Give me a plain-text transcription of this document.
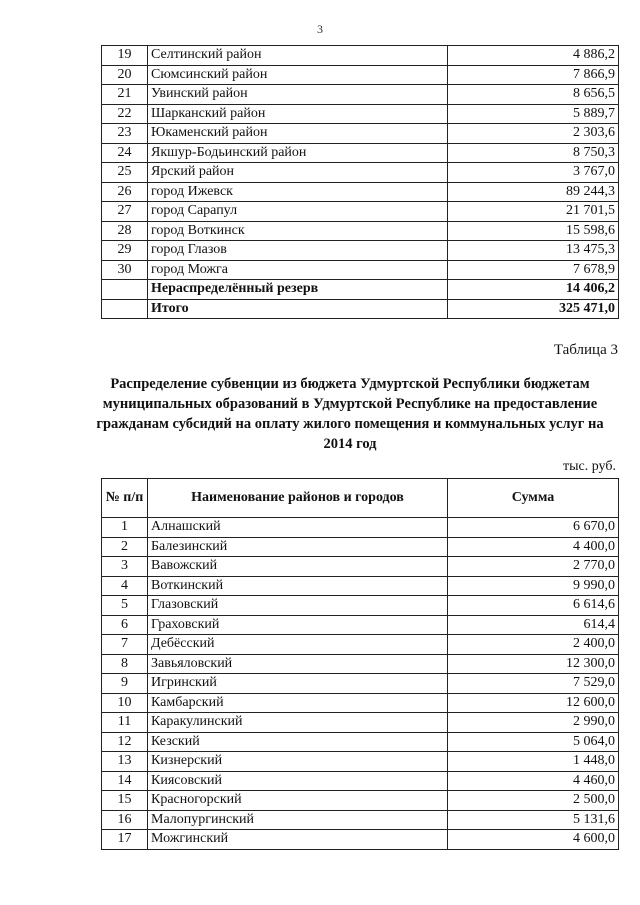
3
19	Селтинский район	4 886,2
20	Сюмсинский район	7 866,9
21	Увинский район	8 656,5
22	Шарканский район	5 889,7
23	Юкаменский район	2 303,6
24	Якшур-Бодьинский район	8 750,3
25	Ярский район	3 767,0
26	город Ижевск	89 244,3
27	город Сарапул	21 701,5
28	город Воткинск	15 598,6
29	город Глазов	13 475,3
30	город Можга	7 678,9
	Нераспределённый резерв	14 406,2
	Итого	325 471,0
Таблица 3
Распределение субвенции из бюджета Удмуртской Республики бюджетам муниципальных образований в Удмуртской Республике на предоставление гражданам субсидий на оплату жилого помещения и коммунальных услуг на 2014 год
тыс. руб.
№ п/п	Наименование районов и городов	Сумма
1	Алнашский	6 670,0
2	Балезинский	4 400,0
3	Вавожский	2 770,0
4	Воткинский	9 990,0
5	Глазовский	6 614,6
6	Граховский	614,4
7	Дебёсский	2 400,0
8	Завьяловский	12 300,0
9	Игринский	7 529,0
10	Камбарский	12 600,0
11	Каракулинский	2 990,0
12	Кезский	5 064,0
13	Кизнерский	1 448,0
14	Киясовский	4 460,0
15	Красногорский	2 500,0
16	Малопургинский	5 131,6
17	Можгинский	4 600,0
